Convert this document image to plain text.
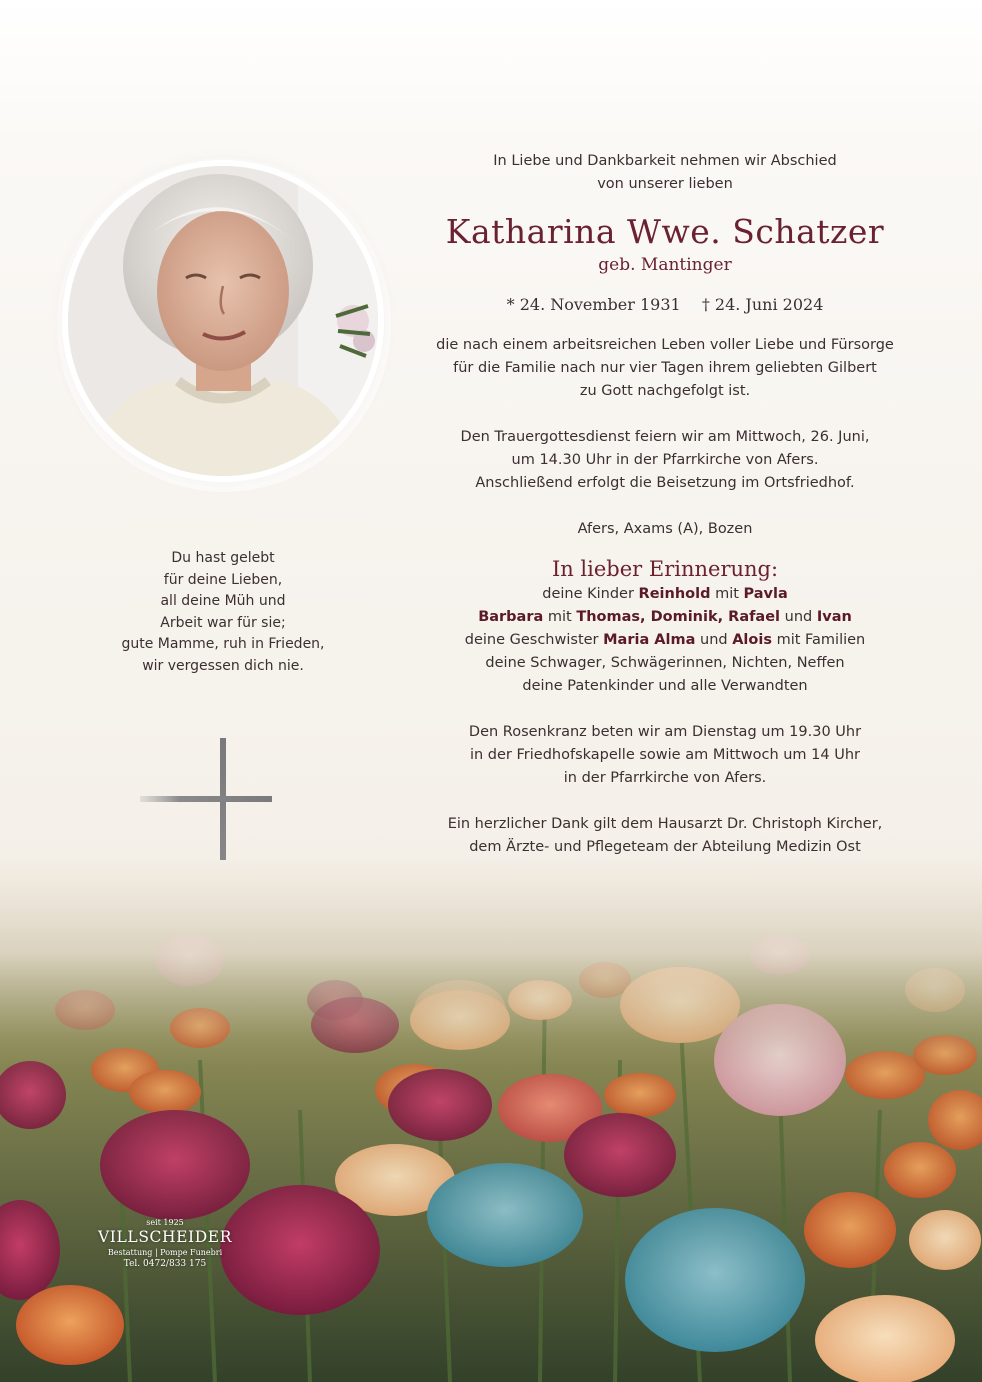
Du hast gelebt
für deine Lieben,
all deine Müh und
Arbeit war für sie;
gute Mamme, ruh in Frieden,
wir vergessen dich nie.
In Liebe und Dankbarkeit nehmen wir Abschied
von unserer lieben
Katharina Wwe. Schatzer
geb. Mantinger
* 24. November 1931 † 24. Juni 2024
die nach einem arbeitsreichen Leben voller Liebe und Fürsorge
für die Familie nach nur vier Tagen ihrem geliebten Gilbert
zu Gott nachgefolgt ist.
Den Trauergottesdienst feiern wir am Mittwoch, 26. Juni,
um 14.30 Uhr in der Pfarrkirche von Afers.
Anschließend erfolgt die Beisetzung im Ortsfriedhof.
Afers, Axams (A), Bozen
In lieber Erinnerung:
deine Kinder Reinhold mit Pavla
Barbara mit Thomas, Dominik, Rafael und Ivan
deine Geschwister Maria Alma und Alois mit Familien
deine Schwager, Schwägerinnen, Nichten, Neffen
deine Patenkinder und alle Verwandten
Den Rosenkranz beten wir am Dienstag um 19.30 Uhr
in der Friedhofskapelle sowie am Mittwoch um 14 Uhr
in der Pfarrkirche von Afers.
Ein herzlicher Dank gilt dem Hausarzt Dr. Christoph Kircher,
dem Ärzte- und Pflegeteam der Abteilung Medizin Ost
seit 1925
VILLSCHEIDER
Bestattung | Pompe Funebri
Tel. 0472/833 175
